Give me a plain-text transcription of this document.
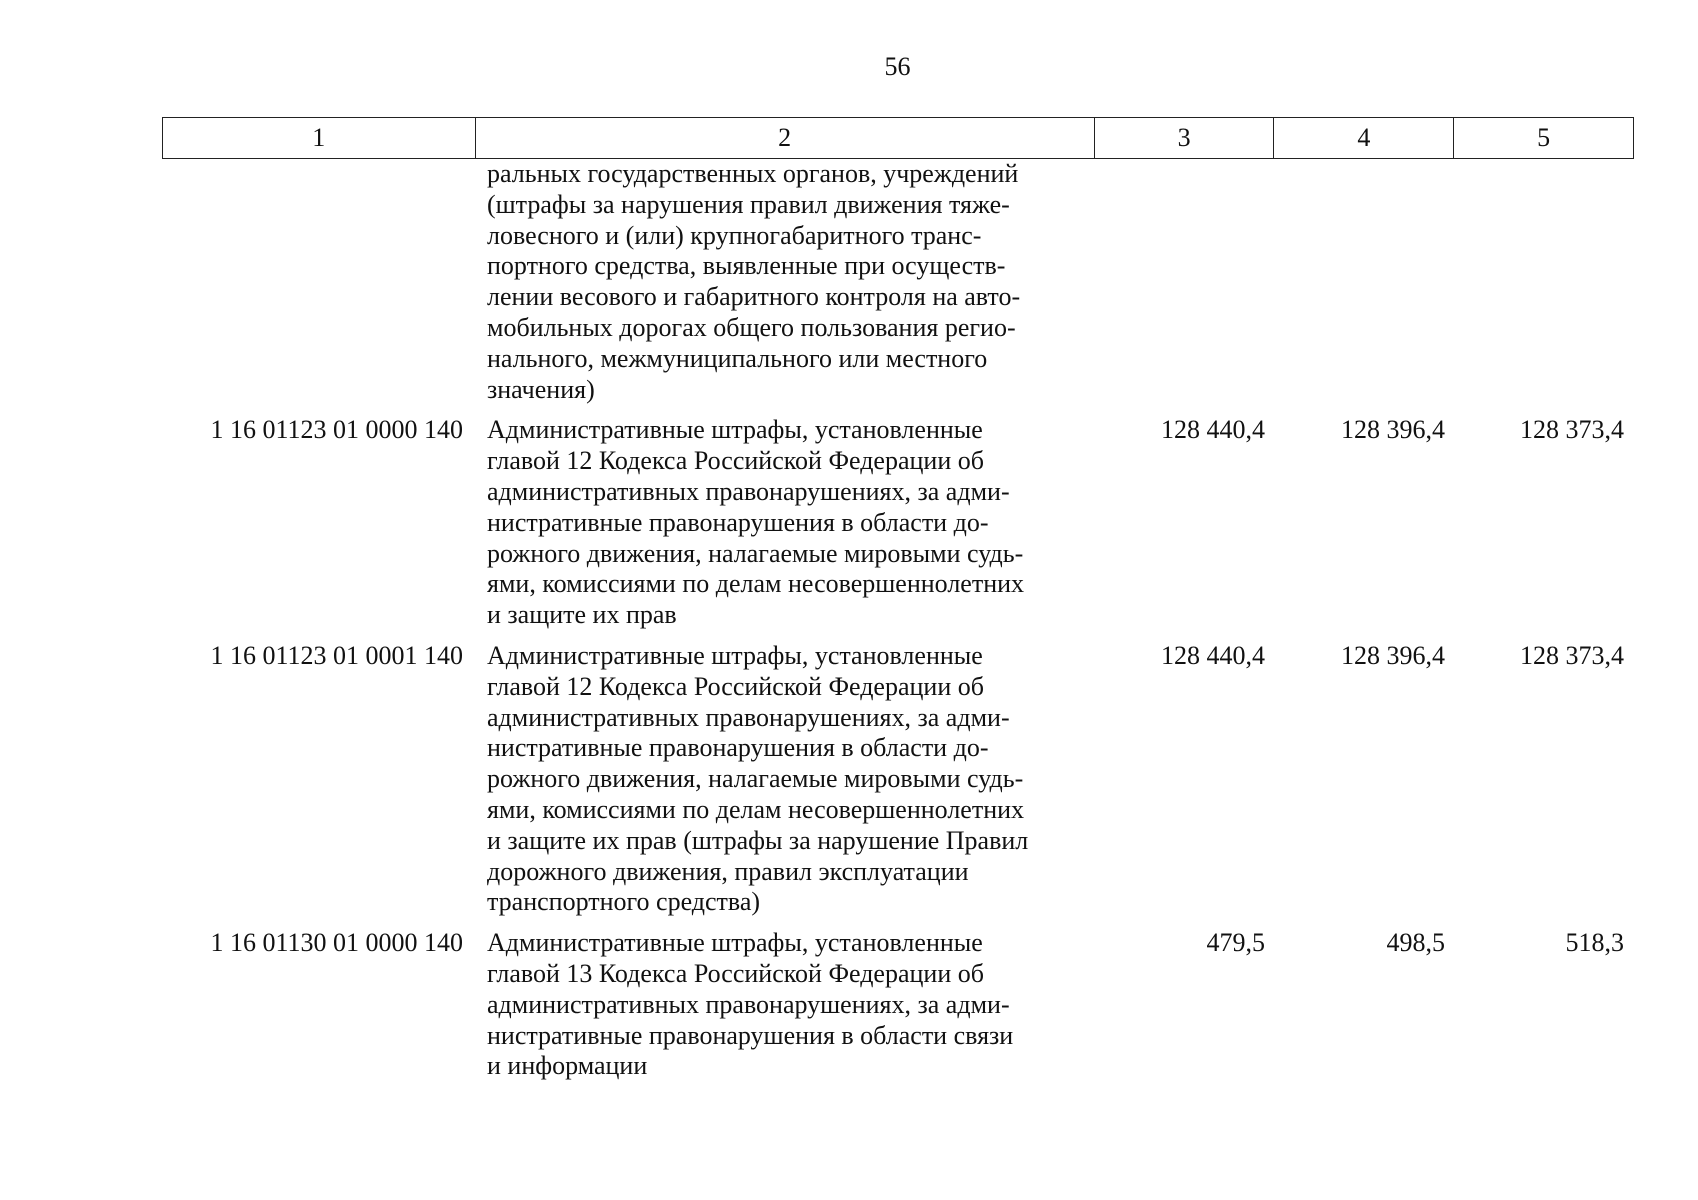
56
1	2	3	4	5
ральных государственных органов, учреждений
(штрафы за нарушения правил движения тяже-
ловесного и (или) крупногабаритного транс-
портного средства, выявленные при осуществ-
лении весового и габаритного контроля на авто-
мобильных дорогах общего пользования регио-
нального, межмуниципального или местного
значения)
1 16 01123 01 0000 140 Административные штрафы, установленные
главой 12 Кодекса Российской Федерации об
административных правонарушениях, за адми-
нистративные правонарушения в области до-
рожного движения, налагаемые мировыми судь-
ями, комиссиями по делам несовершеннолетних
и защите их прав
128 440,4	128 396,4	128 373,4
1 16 01123 01 0001 140 Административные штрафы, установленные
главой 12 Кодекса Российской Федерации об
административных правонарушениях, за адми-
нистративные правонарушения в области до-
рожного движения, налагаемые мировыми судь-
ями, комиссиями по делам несовершеннолетних
и защите их прав (штрафы за нарушение Правил
дорожного движения, правил эксплуатации
транспортного средства)
128 440,4	128 396,4	128 373,4
1 16 01130 01 0000 140 Административные штрафы, установленные
главой 13 Кодекса Российской Федерации об
административных правонарушениях, за адми-
нистративные правонарушения в области связи
и информации
479,5	498,5	518,3
